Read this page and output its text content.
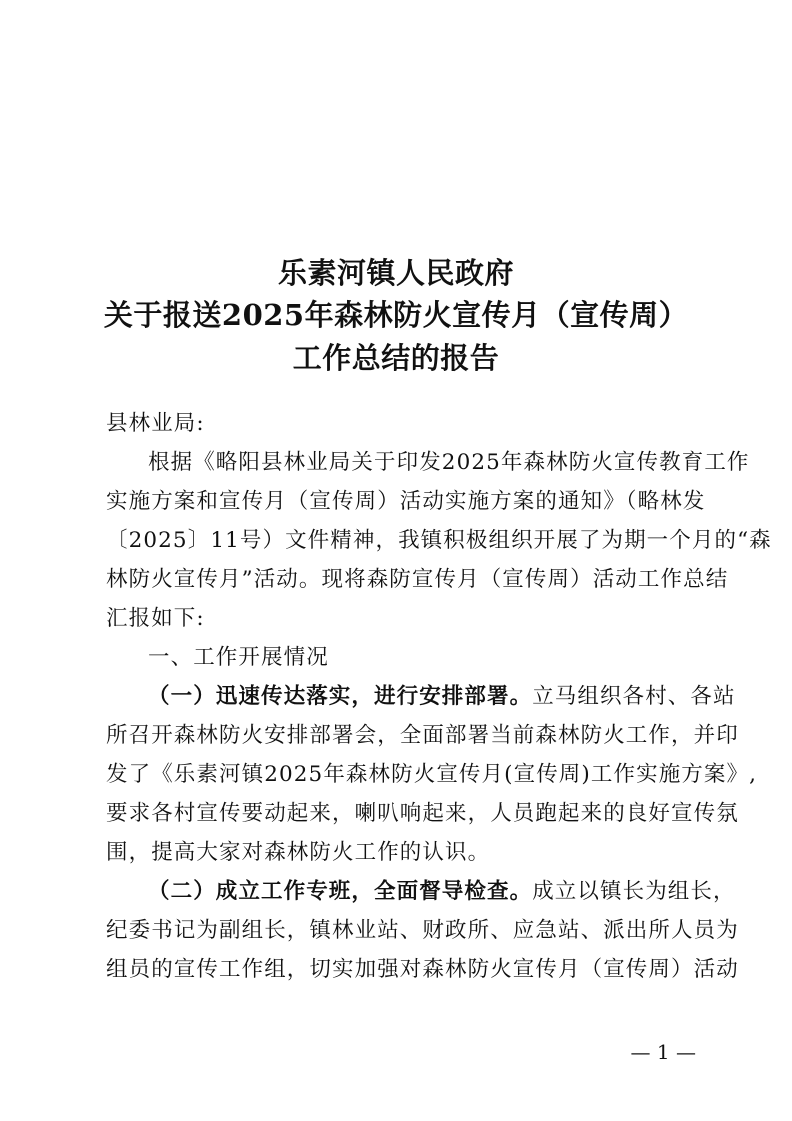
乐素河镇人民政府
关于报送2025年森林防火宣传月（宣传周）
工作总结的报告
县林业局:
根据《略阳县林业局关于印发2025年森林防火宣传教育工作
实施方案和宣传月（宣传周）活动实施方案的通知》（略林发
〔2025〕11号）文件精神，我镇积极组织开展了为期一个月的“森
林防火宣传月”活动。现将森防宣传月（宣传周）活动工作总结
汇报如下:
一、工作开展情况
（一）迅速传达落实，进行安排部署。立马组织各村、各站
所召开森林防火安排部署会，全面部署当前森林防火工作，并印
发了《乐素河镇2025年森林防火宣传月(宣传周)工作实施方案》,
要求各村宣传要动起来，喇叭响起来，人员跑起来的良好宣传氛
围，提高大家对森林防火工作的认识。
（二）成立工作专班，全面督导检查。成立以镇长为组长，
纪委书记为副组长，镇林业站、财政所、应急站、派出所人员为
组员的宣传工作组，切实加强对森林防火宣传月（宣传周）活动
— 1 —
